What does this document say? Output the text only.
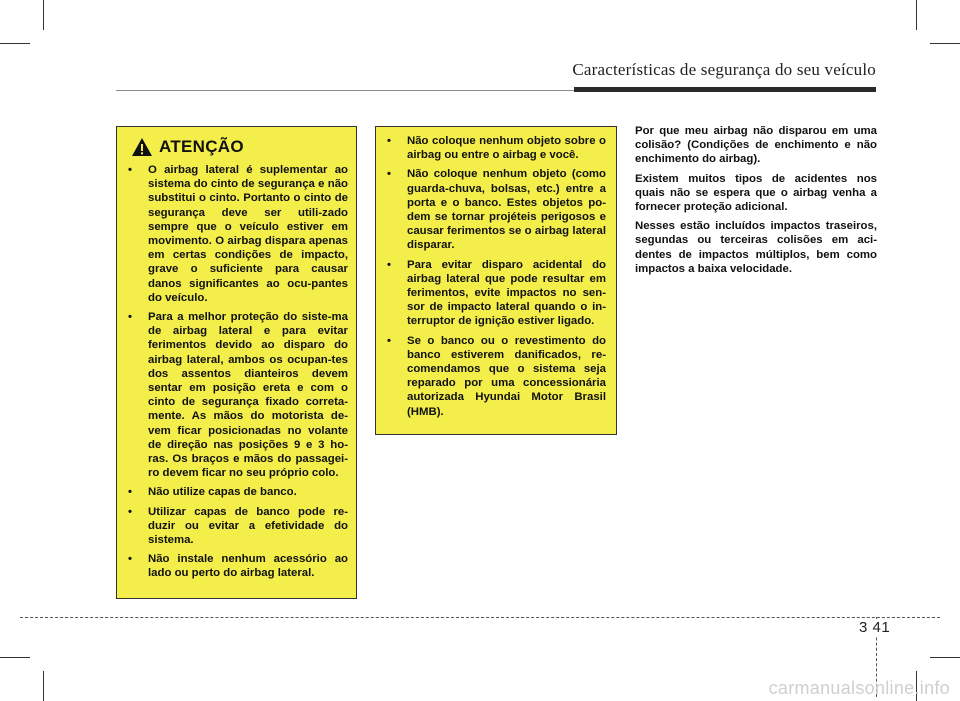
Características de segurança do seu veículo
ATENÇÃO
• O airbag lateral é suplementar ao sistema do cinto de segurança e não substitui o cinto. Portanto o cinto de segurança deve ser utili-zado sempre que o veículo estiver em movimento. O airbag dispara apenas em certas condições de impacto, grave o suficiente para causar danos significantes ao ocu-pantes do veículo.
• Para a melhor proteção do siste-ma de airbag lateral e para evitar ferimentos devido ao disparo do airbag lateral, ambos os ocupan-tes dos assentos dianteiros devem sentar em posição ereta e com o cinto de segurança fixado correta-mente. As mãos do motorista de-vem ficar posicionadas no volante de direção nas posições 9 e 3 ho-ras. Os braços e mãos do passagei-ro devem ficar no seu próprio colo.
• Não utilize capas de banco.
• Utilizar capas de banco pode re-duzir ou evitar a efetividade do sistema.
• Não instale nenhum acessório ao lado ou perto do airbag lateral.
• Não coloque nenhum objeto sobre o airbag ou entre o airbag e você.
• Não coloque nenhum objeto (como guarda-chuva, bolsas, etc.) entre a porta e o banco. Estes objetos po-dem se tornar projéteis perigosos e causar ferimentos se o airbag lateral disparar.
• Para evitar disparo acidental do airbag lateral que pode resultar em ferimentos, evite impactos no sen-sor de impacto lateral quando o in-terruptor de ignição estiver ligado.
• Se o banco ou o revestimento do banco estiverem danificados, re-comendamos que o sistema seja reparado por uma concessionária autorizada Hyundai Motor Brasil (HMB).

Por que meu airbag não disparou em uma colisão? (Condições de enchimento e não enchimento do airbag).

Existem muitos tipos de acidentes nos quais não se espera que o airbag venha a fornecer proteção adicional.

Nesses estão incluídos impactos traseiros, segundas ou terceiras colisões em aci-dentes de impactos múltiplos, bem como impactos a baixa velocidade.

3 41
carmanualsonline.info
